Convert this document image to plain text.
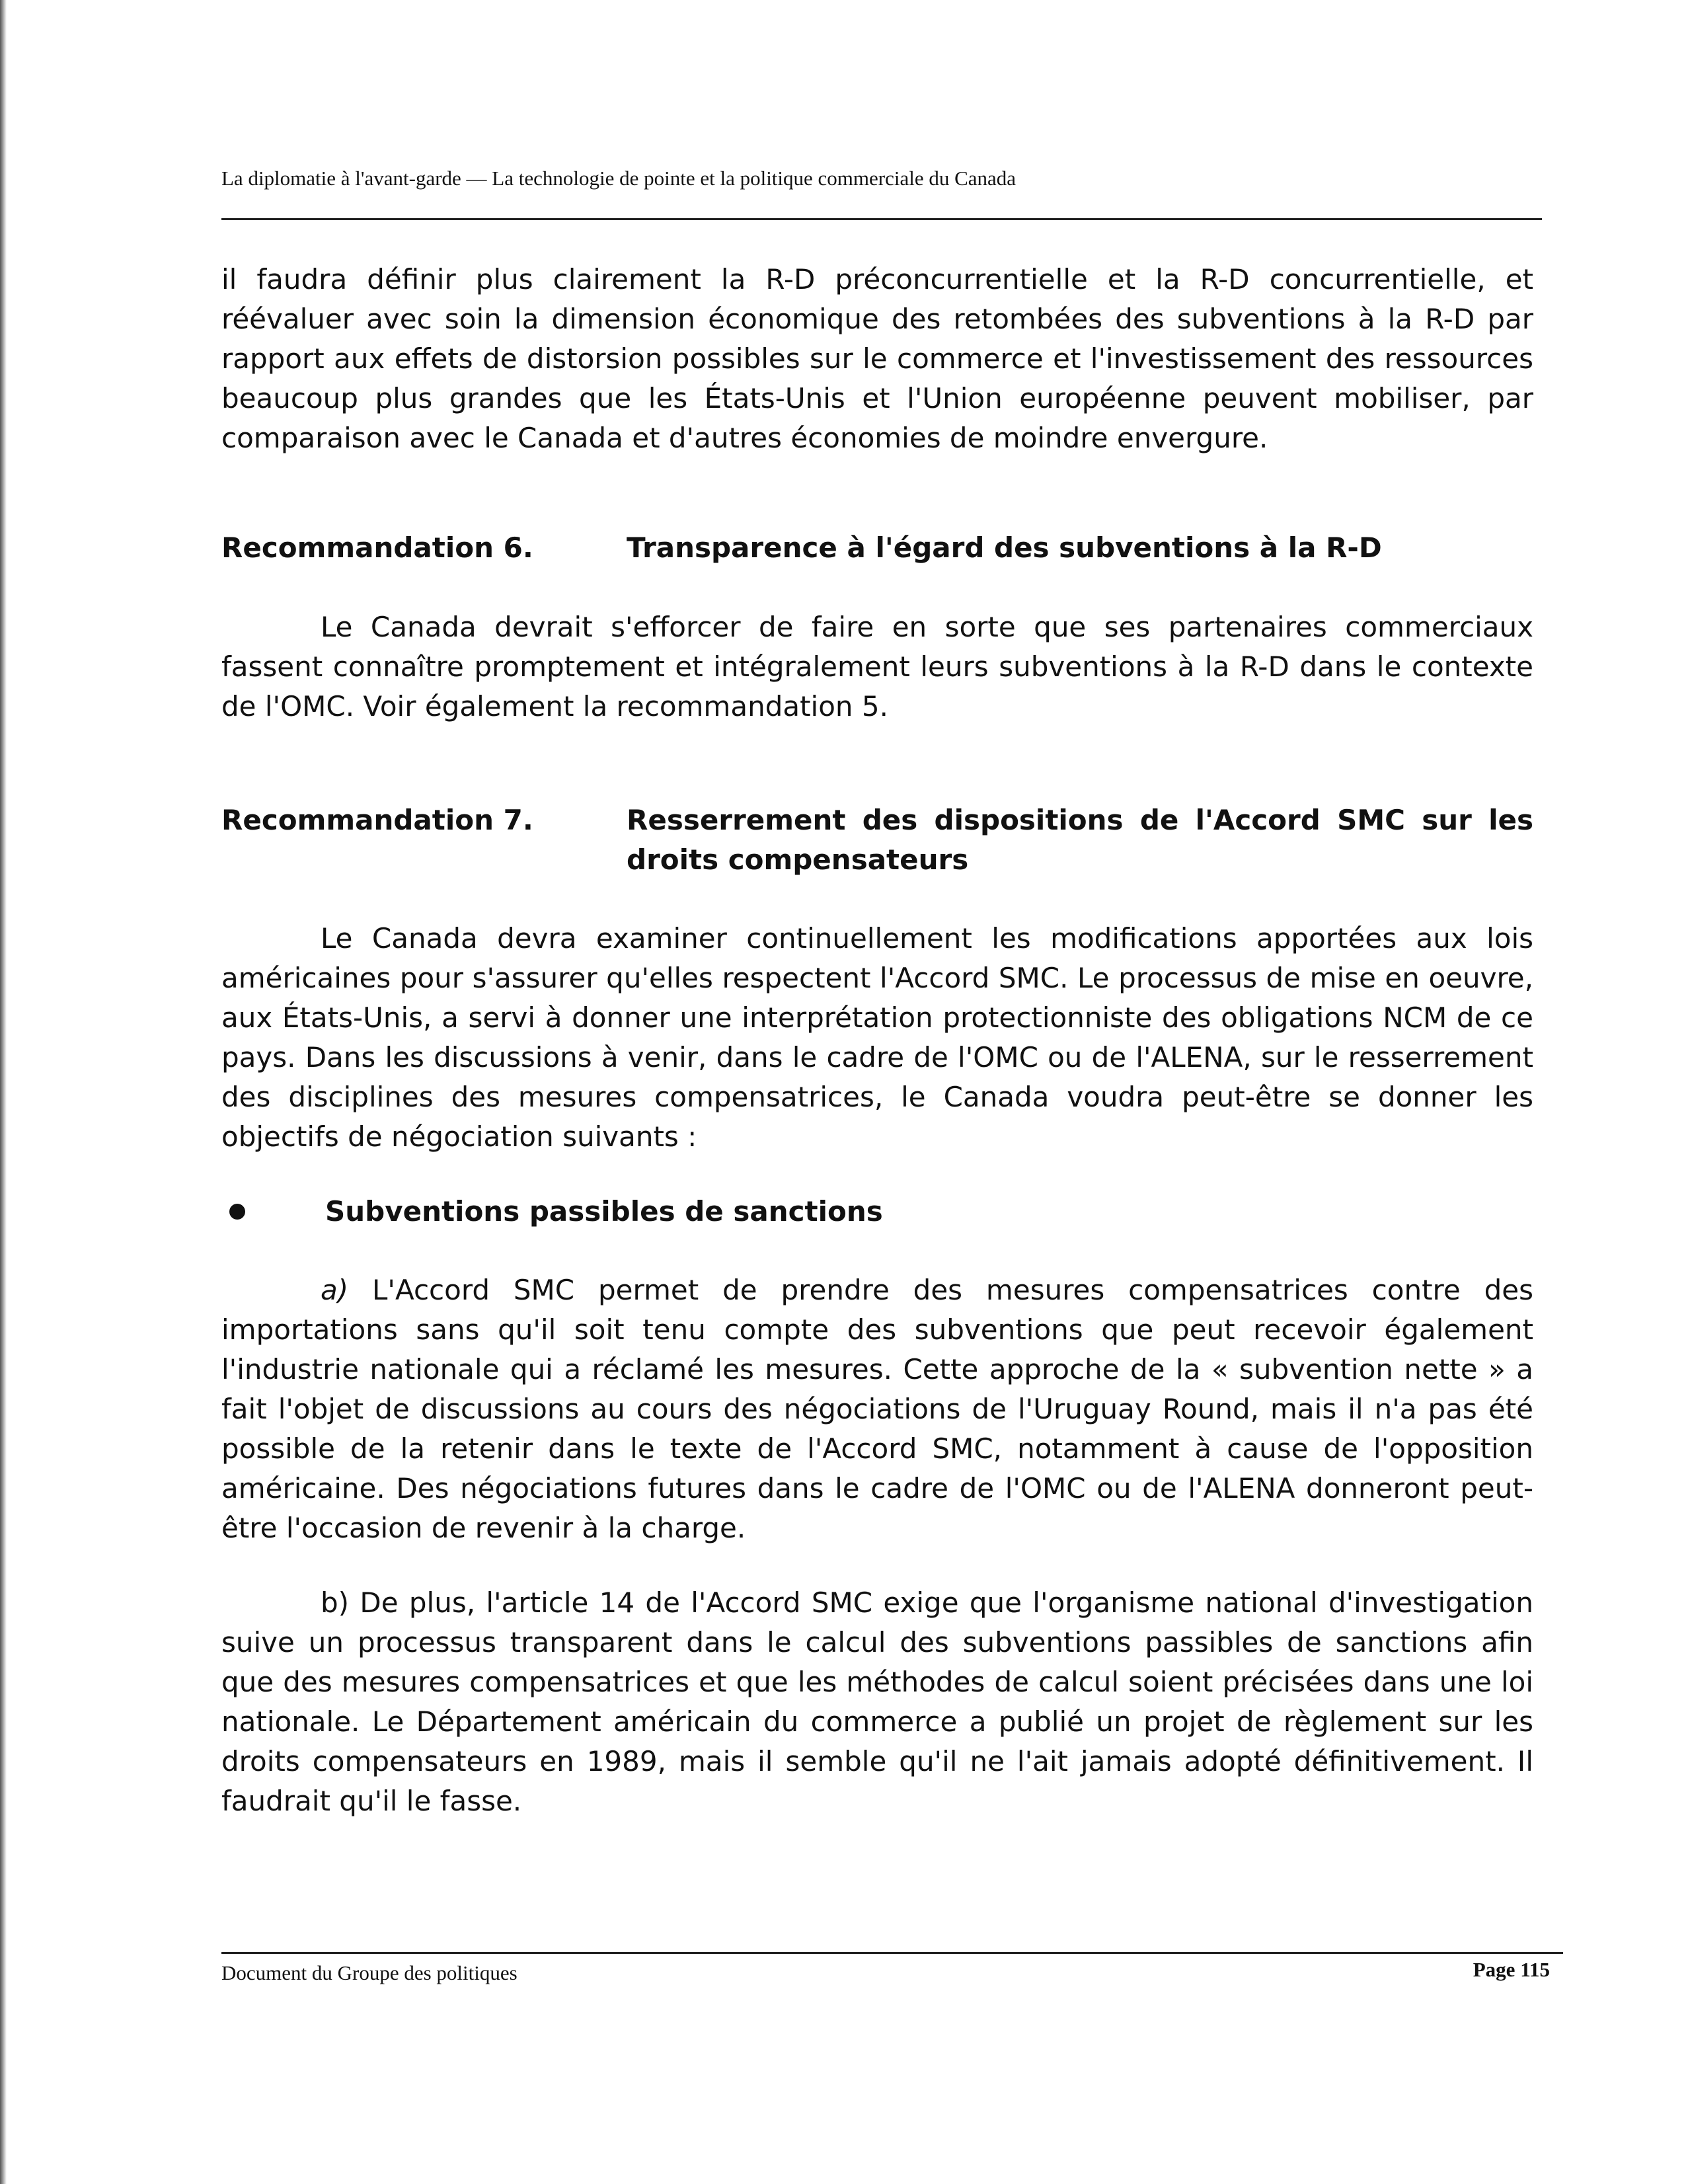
La diplomatie à l'avant-garde — La technologie de pointe et la politique commerciale du Canada

il faudra définir plus clairement la R-D préconcurrentielle et la R-D concurrentielle, et réévaluer avec soin la dimension économique des retombées des subventions à la R-D par rapport aux effets de distorsion possibles sur le commerce et l'investissement des ressources beaucoup plus grandes que les États-Unis et l'Union européenne peuvent mobiliser, par comparaison avec le Canada et d'autres économies de moindre envergure.

Recommandation 6.	Transparence à l'égard des subventions à la R-D

Le Canada devrait s'efforcer de faire en sorte que ses partenaires commerciaux fassent connaître promptement et intégralement leurs subventions à la R-D dans le contexte de l'OMC. Voir également la recommandation 5.

Recommandation 7.	Resserrement des dispositions de l'Accord SMC sur les droits compensateurs

Le Canada devra examiner continuellement les modifications apportées aux lois américaines pour s'assurer qu'elles respectent l'Accord SMC. Le processus de mise en oeuvre, aux États-Unis, a servi à donner une interprétation protectionniste des obligations NCM de ce pays. Dans les discussions à venir, dans le cadre de l'OMC ou de l'ALENA, sur le resserrement des disciplines des mesures compensatrices, le Canada voudra peut-être se donner les objectifs de négociation suivants :

Subventions passibles de sanctions

a) L'Accord SMC permet de prendre des mesures compensatrices contre des importations sans qu'il soit tenu compte des subventions que peut recevoir également l'industrie nationale qui a réclamé les mesures. Cette approche de la « subvention nette » a fait l'objet de discussions au cours des négociations de l'Uruguay Round, mais il n'a pas été possible de la retenir dans le texte de l'Accord SMC, notamment à cause de l'opposition américaine. Des négociations futures dans le cadre de l'OMC ou de l'ALENA donneront peut-être l'occasion de revenir à la charge.

b) De plus, l'article 14 de l'Accord SMC exige que l'organisme national d'investigation suive un processus transparent dans le calcul des subventions passibles de sanctions afin que des mesures compensatrices et que les méthodes de calcul soient précisées dans une loi nationale. Le Département américain du commerce a publié un projet de règlement sur les droits compensateurs en 1989, mais il semble qu'il ne l'ait jamais adopté définitivement. Il faudrait qu'il le fasse.

Document du Groupe des politiques	Page 115
